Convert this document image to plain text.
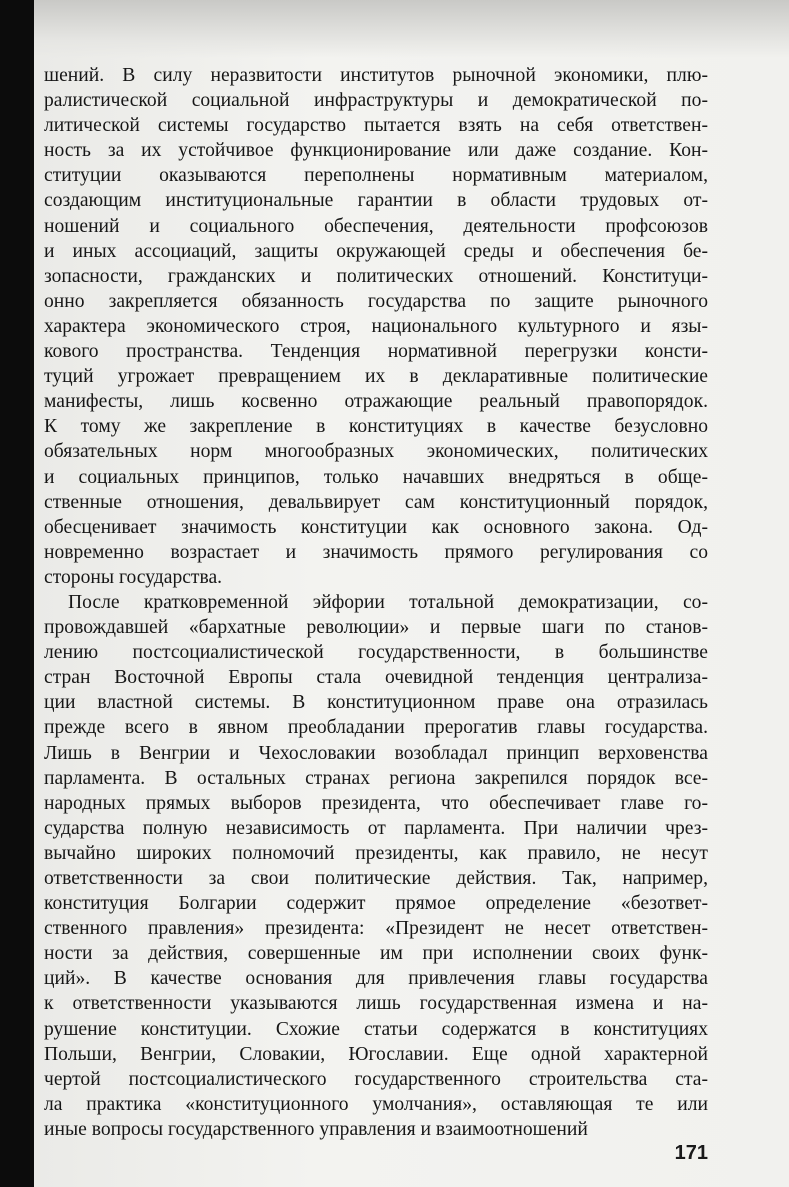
шений. В силу неразвитости институтов рыночной экономики, плю-
ралистической социальной инфраструктуры и демократической по-
литической системы государство пытается взять на себя ответствен-
ность за их устойчивое функционирование или даже создание. Кон-
ституции оказываются переполнены нормативным материалом,
создающим институциональные гарантии в области трудовых от-
ношений и социального обеспечения, деятельности профсоюзов
и иных ассоциаций, защиты окружающей среды и обеспечения бе-
зопасности, гражданских и политических отношений. Конституци-
онно закрепляется обязанность государства по защите рыночного
характера экономического строя, национального культурного и язы-
кового пространства. Тенденция нормативной перегрузки консти-
туций угрожает превращением их в декларативные политические
манифесты, лишь косвенно отражающие реальный правопорядок.
К тому же закрепление в конституциях в качестве безусловно
обязательных норм многообразных экономических, политических
и социальных принципов, только начавших внедряться в обще-
ственные отношения, девальвирует сам конституционный порядок,
обесценивает значимость конституции как основного закона. Од-
новременно возрастает и значимость прямого регулирования со
стороны государства.
После кратковременной эйфории тотальной демократизации, со-
провождавшей «бархатные революции» и первые шаги по станов-
лению постсоциалистической государственности, в большинстве
стран Восточной Европы стала очевидной тенденция централиза-
ции властной системы. В конституционном праве она отразилась
прежде всего в явном преобладании прерогатив главы государства.
Лишь в Венгрии и Чехословакии возобладал принцип верховенства
парламента. В остальных странах региона закрепился порядок все-
народных прямых выборов президента, что обеспечивает главе го-
сударства полную независимость от парламента. При наличии чрез-
вычайно широких полномочий президенты, как правило, не несут
ответственности за свои политические действия. Так, например,
конституция Болгарии содержит прямое определение «безответ-
ственного правления» президента: «Президент не несет ответствен-
ности за действия, совершенные им при исполнении своих функ-
ций». В качестве основания для привлечения главы государства
к ответственности указываются лишь государственная измена и на-
рушение конституции. Схожие статьи содержатся в конституциях
Польши, Венгрии, Словакии, Югославии. Еще одной характерной
чертой постсоциалистического государственного строительства ста-
ла практика «конституционного умолчания», оставляющая те или
иные вопросы государственного управления и взаимоотношений
171
